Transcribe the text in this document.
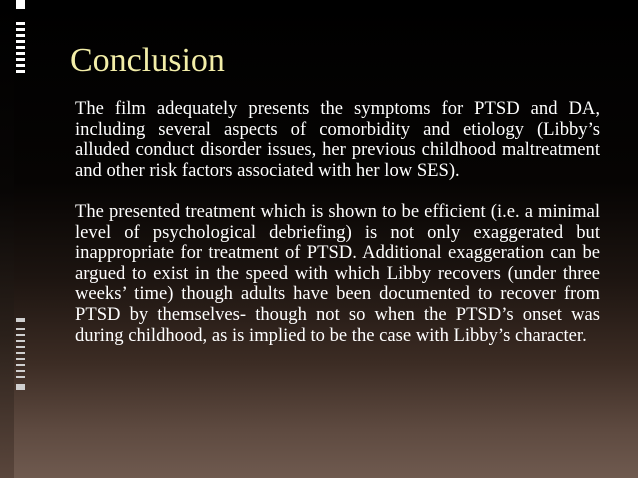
Conclusion

The film adequately presents the symptoms for PTSD and DA, including several aspects of comorbidity and etiology (Libby’s alluded conduct disorder issues, her previous childhood maltreatment and other risk factors associated with her low SES).

The presented treatment which is shown to be efficient (i.e. a minimal level of psychological debriefing) is not only exaggerated but inappropriate for treatment of PTSD. Additional exaggeration can be argued to exist in the speed with which Libby recovers (under three weeks’ time) though adults have been documented to recover from PTSD by themselves- though not so when the PTSD’s onset was during childhood, as is implied to be the case with Libby’s character.
